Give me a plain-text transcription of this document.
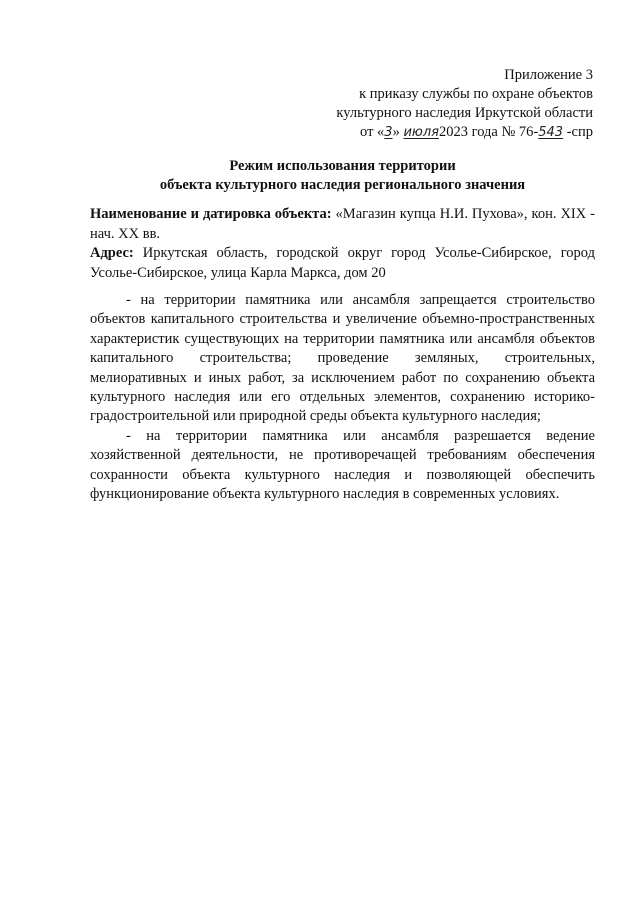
Приложение 3
к приказу службы по охране объектов
культурного наследия Иркутской области
от «3» июля2023 года № 76-543 -спр
Режим использования территории
объекта культурного наследия регионального значения
Наименование и датировка объекта: «Магазин купца Н.И. Пухова», кон. XIX - нач. XX вв.
Адрес: Иркутская область, городской округ город Усолье-Сибирское, город Усолье-Сибирское, улица Карла Маркса, дом 20

- на территории памятника или ансамбля запрещается строительство объектов капитального строительства и увеличение объемно-пространственных характеристик существующих на территории памятника или ансамбля объектов капитального строительства; проведение земляных, строительных, мелиоративных и иных работ, за исключением работ по сохранению объекта культурного наследия или его отдельных элементов, сохранению историко-градостроительной или природной среды объекта культурного наследия;

- на территории памятника или ансамбля разрешается ведение хозяйственной деятельности, не противоречащей требованиям обеспечения сохранности объекта культурного наследия и позволяющей обеспечить функционирование объекта культурного наследия в современных условиях.
